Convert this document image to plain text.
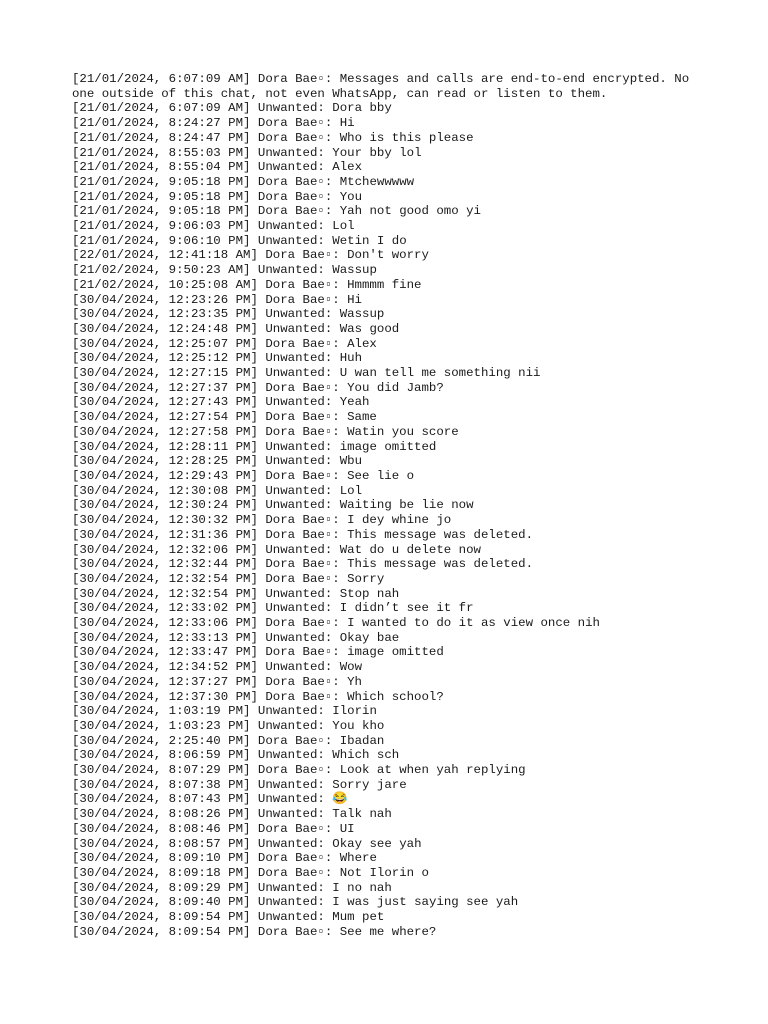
[21/01/2024, 6:07:09 AM] Dora Bae▫: Messages and calls are end-to-end encrypted. No one outside of this chat, not even WhatsApp, can read or listen to them.
[21/01/2024, 6:07:09 AM] Unwanted: Dora bby
[21/01/2024, 8:24:27 PM] Dora Bae▫: Hi
[21/01/2024, 8:24:47 PM] Dora Bae▫: Who is this please
[21/01/2024, 8:55:03 PM] Unwanted: Your bby lol
[21/01/2024, 8:55:04 PM] Unwanted: Alex
[21/01/2024, 9:05:18 PM] Dora Bae▫: Mtchewwwww
[21/01/2024, 9:05:18 PM] Dora Bae▫: You
[21/01/2024, 9:05:18 PM] Dora Bae▫: Yah not good omo yi
[21/01/2024, 9:06:03 PM] Unwanted: Lol
[21/01/2024, 9:06:10 PM] Unwanted: Wetin I do
[22/01/2024, 12:41:18 AM] Dora Bae▫: Don't worry
[21/02/2024, 9:50:23 AM] Unwanted: Wassup
[21/02/2024, 10:25:08 AM] Dora Bae▫: Hmmmm fine
[30/04/2024, 12:23:26 PM] Dora Bae▫: Hi
[30/04/2024, 12:23:35 PM] Unwanted: Wassup
[30/04/2024, 12:24:48 PM] Unwanted: Was good
[30/04/2024, 12:25:07 PM] Dora Bae▫: Alex
[30/04/2024, 12:25:12 PM] Unwanted: Huh
[30/04/2024, 12:27:15 PM] Unwanted: U wan tell me something nii
[30/04/2024, 12:27:37 PM] Dora Bae▫: You did Jamb?
[30/04/2024, 12:27:43 PM] Unwanted: Yeah
[30/04/2024, 12:27:54 PM] Dora Bae▫: Same
[30/04/2024, 12:27:58 PM] Dora Bae▫: Watin you score
[30/04/2024, 12:28:11 PM] Unwanted: image omitted
[30/04/2024, 12:28:25 PM] Unwanted: Wbu
[30/04/2024, 12:29:43 PM] Dora Bae▫: See lie o
[30/04/2024, 12:30:08 PM] Unwanted: Lol
[30/04/2024, 12:30:24 PM] Unwanted: Waiting be lie now
[30/04/2024, 12:30:32 PM] Dora Bae▫: I dey whine jo
[30/04/2024, 12:31:36 PM] Dora Bae▫: This message was deleted.
[30/04/2024, 12:32:06 PM] Unwanted: Wat do u delete now
[30/04/2024, 12:32:44 PM] Dora Bae▫: This message was deleted.
[30/04/2024, 12:32:54 PM] Dora Bae▫: Sorry
[30/04/2024, 12:32:54 PM] Unwanted: Stop nah
[30/04/2024, 12:33:02 PM] Unwanted: I didn’t see it fr
[30/04/2024, 12:33:06 PM] Dora Bae▫: I wanted to do it as view once nih
[30/04/2024, 12:33:13 PM] Unwanted: Okay bae
[30/04/2024, 12:33:47 PM] Dora Bae▫: image omitted
[30/04/2024, 12:34:52 PM] Unwanted: Wow
[30/04/2024, 12:37:27 PM] Dora Bae▫: Yh
[30/04/2024, 12:37:30 PM] Dora Bae▫: Which school?
[30/04/2024, 1:03:19 PM] Unwanted: Ilorin
[30/04/2024, 1:03:23 PM] Unwanted: You kho
[30/04/2024, 2:25:40 PM] Dora Bae▫: Ibadan
[30/04/2024, 8:06:59 PM] Unwanted: Which sch
[30/04/2024, 8:07:29 PM] Dora Bae▫: Look at when yah replying
[30/04/2024, 8:07:38 PM] Unwanted: Sorry jare
[30/04/2024, 8:07:43 PM] Unwanted: 😂
[30/04/2024, 8:08:26 PM] Unwanted: Talk nah
[30/04/2024, 8:08:46 PM] Dora Bae▫: UI
[30/04/2024, 8:08:57 PM] Unwanted: Okay see yah
[30/04/2024, 8:09:10 PM] Dora Bae▫: Where
[30/04/2024, 8:09:18 PM] Dora Bae▫: Not Ilorin o
[30/04/2024, 8:09:29 PM] Unwanted: I no nah
[30/04/2024, 8:09:40 PM] Unwanted: I was just saying see yah
[30/04/2024, 8:09:54 PM] Unwanted: Mum pet
[30/04/2024, 8:09:54 PM] Dora Bae▫: See me where?
